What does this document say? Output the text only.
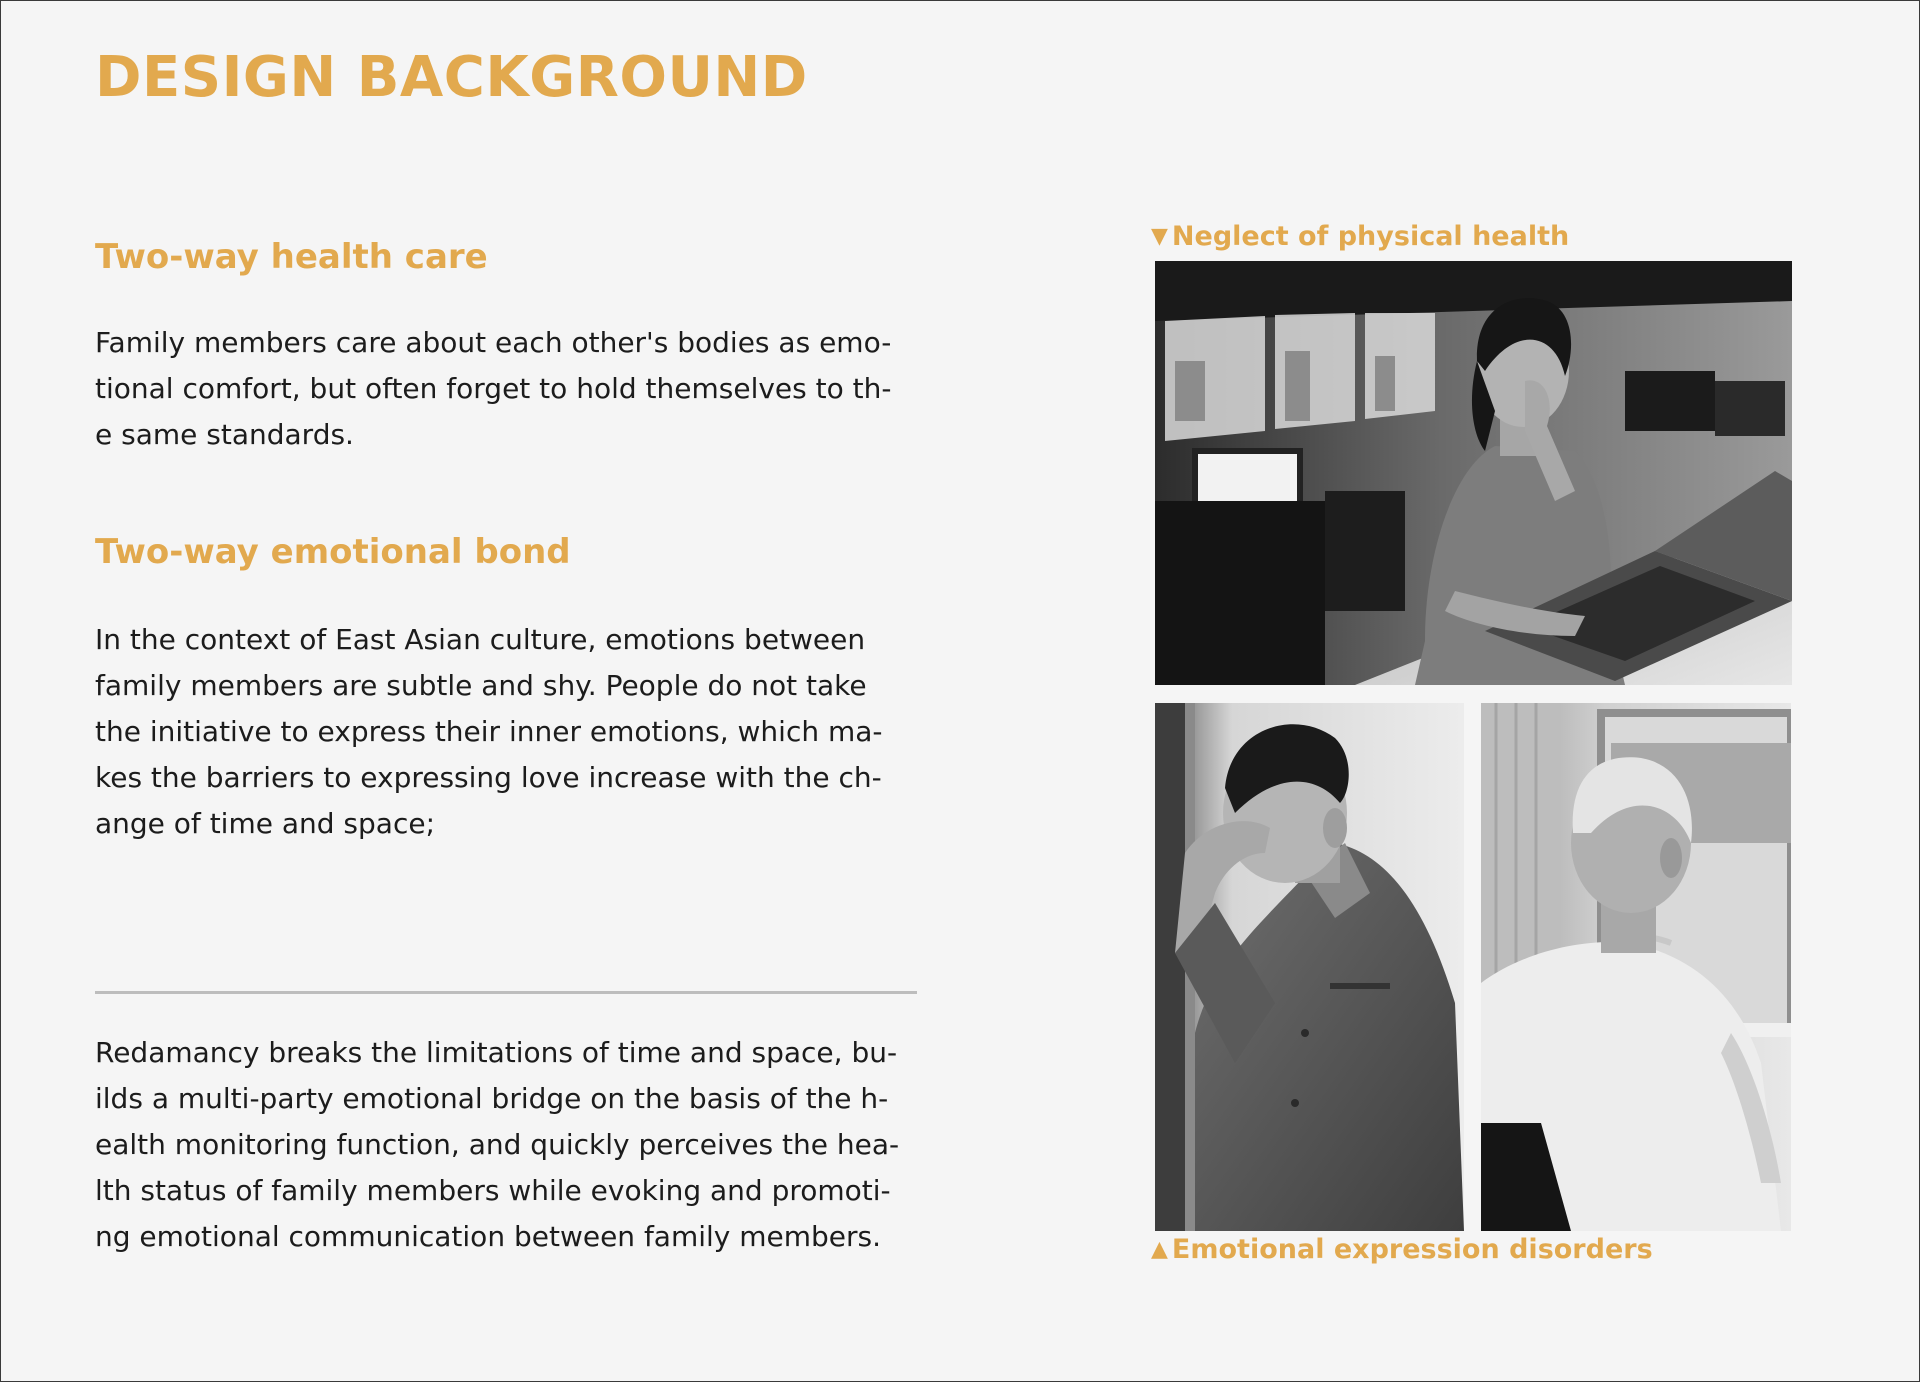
DESIGN BACKGROUND
Two-way health care
Family members care about each other's bodies as emo-
tional comfort, but often forget to hold themselves to th-
e same standards.
Two-way emotional bond
In the context of East Asian culture, emotions between
family members are subtle and shy. People do not take
the initiative to express their inner emotions, which ma-
kes the barriers to expressing love increase with the ch-
ange of time and space;
Redamancy breaks the limitations of time and space, bu-
ilds a multi-party emotional bridge on the basis of the h-
ealth monitoring function, and quickly perceives the hea-
lth status of family members while evoking and promoti-
ng emotional communication between family members.
▼ Neglect of physical health
▲ Emotional expression disorders
